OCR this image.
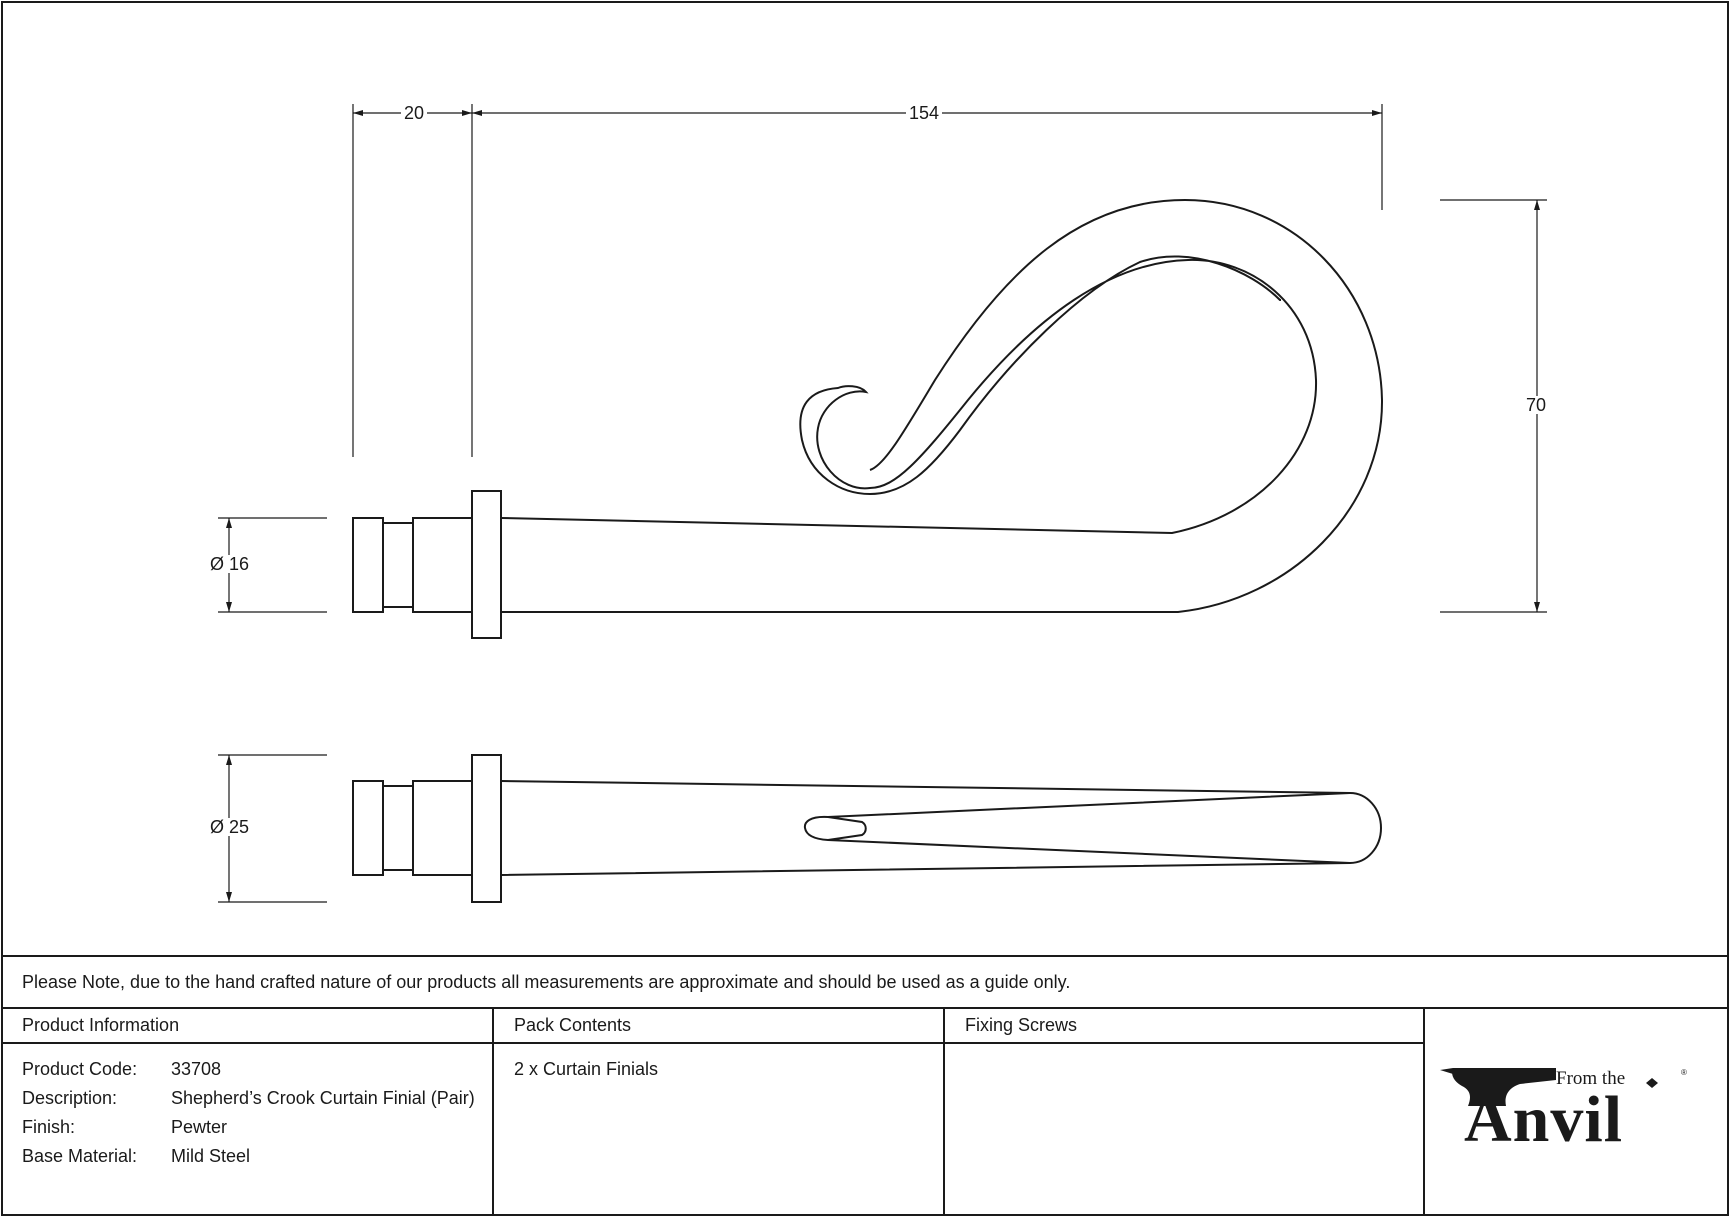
20	154
70
Ø 16
Ø 25
Please Note, due to the hand crafted nature of our products all measurements are approximate and should be used as a guide only.
Product Information
Product Code: 33708
Description:	Shepherd’s Crook Curtain Finial (Pair)
Finish:	Pewter
Base Material: Mild Steel
Pack Contents
2 x Curtain Finials
Fixing Screws
From the
Anvil
®
